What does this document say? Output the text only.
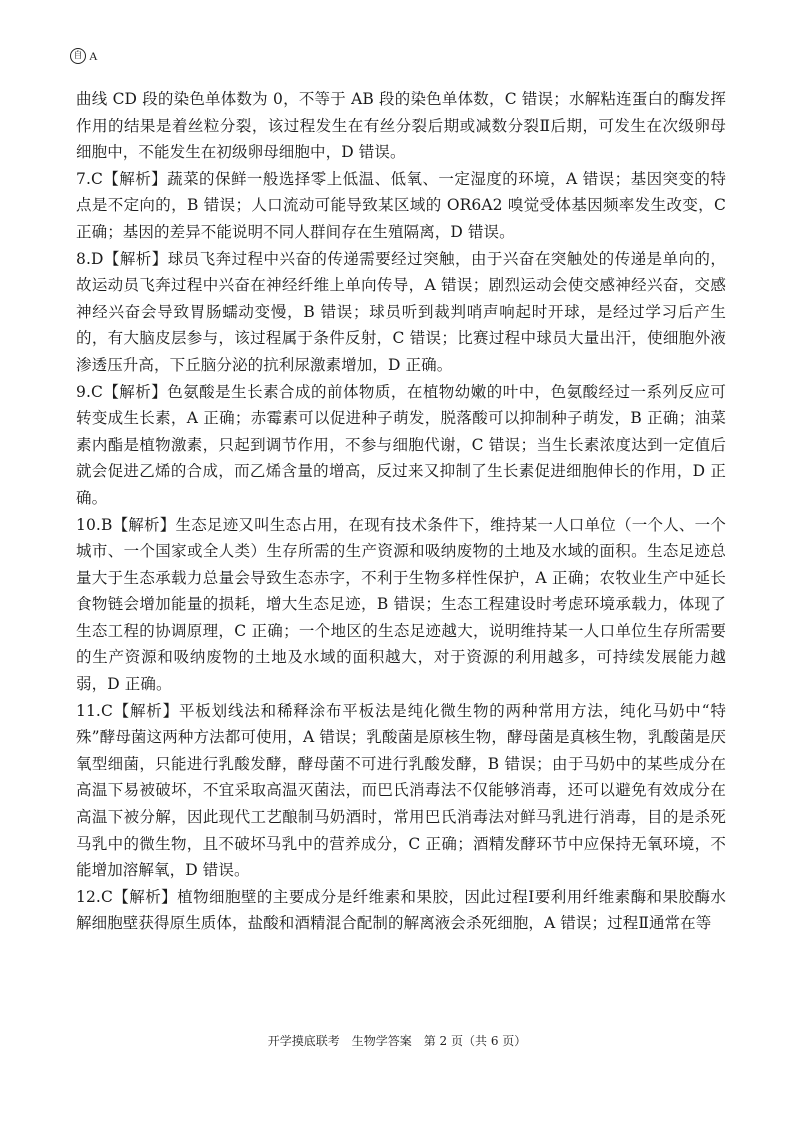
自 A

曲线 CD 段的染色单体数为 0，不等于 AB 段的染色单体数，C 错误；水解粘连蛋白的酶发挥作用的结果是着丝粒分裂，该过程发生在有丝分裂后期或减数分裂Ⅱ后期，可发生在次级卵母细胞中，不能发生在初级卵母细胞中，D 错误。

7.C【解析】蔬菜的保鲜一般选择零上低温、低氧、一定湿度的环境，A 错误；基因突变的特点是不定向的，B 错误；人口流动可能导致某区域的 OR6A2 嗅觉受体基因频率发生改变，C 正确；基因的差异不能说明不同人群间存在生殖隔离，D 错误。

8.D【解析】球员飞奔过程中兴奋的传递需要经过突触，由于兴奋在突触处的传递是单向的，故运动员飞奔过程中兴奋在神经纤维上单向传导，A 错误；剧烈运动会使交感神经兴奋，交感神经兴奋会导致胃肠蠕动变慢，B 错误；球员听到裁判哨声响起时开球，是经过学习后产生的，有大脑皮层参与，该过程属于条件反射，C 错误；比赛过程中球员大量出汗，使细胞外液渗透压升高，下丘脑分泌的抗利尿激素增加，D 正确。

9.C【解析】色氨酸是生长素合成的前体物质，在植物幼嫩的叶中，色氨酸经过一系列反应可转变成生长素，A 正确；赤霉素可以促进种子萌发，脱落酸可以抑制种子萌发，B 正确；油菜素内酯是植物激素，只起到调节作用，不参与细胞代谢，C 错误；当生长素浓度达到一定值后就会促进乙烯的合成，而乙烯含量的增高，反过来又抑制了生长素促进细胞伸长的作用，D 正确。

10.B【解析】生态足迹又叫生态占用，在现有技术条件下，维持某一人口单位（一个人、一个城市、一个国家或全人类）生存所需的生产资源和吸纳废物的土地及水域的面积。生态足迹总量大于生态承载力总量会导致生态赤字，不利于生物多样性保护，A 正确；农牧业生产中延长食物链会增加能量的损耗，增大生态足迹，B 错误；生态工程建设时考虑环境承载力，体现了生态工程的协调原理，C 正确；一个地区的生态足迹越大，说明维持某一人口单位生存所需要的生产资源和吸纳废物的土地及水域的面积越大，对于资源的利用越多，可持续发展能力越弱，D 正确。

11.C【解析】平板划线法和稀释涂布平板法是纯化微生物的两种常用方法，纯化马奶中“特殊”酵母菌这两种方法都可使用，A 错误；乳酸菌是原核生物，酵母菌是真核生物，乳酸菌是厌氧型细菌，只能进行乳酸发酵，酵母菌不可进行乳酸发酵，B 错误；由于马奶中的某些成分在高温下易被破坏，不宜采取高温灭菌法，而巴氏消毒法不仅能够消毒，还可以避免有效成分在高温下被分解，因此现代工艺酿制马奶酒时，常用巴氏消毒法对鲜马乳进行消毒，目的是杀死马乳中的微生物，且不破坏马乳中的营养成分，C 正确；酒精发酵环节中应保持无氧环境，不能增加溶解氧，D 错误。

12.C【解析】植物细胞壁的主要成分是纤维素和果胶，因此过程Ⅰ要利用纤维素酶和果胶酶水解细胞壁获得原生质体，盐酸和酒精混合配制的解离液会杀死细胞，A 错误；过程Ⅱ通常在等

开学摸底联考　生物学答案　第 2 页（共 6 页）
